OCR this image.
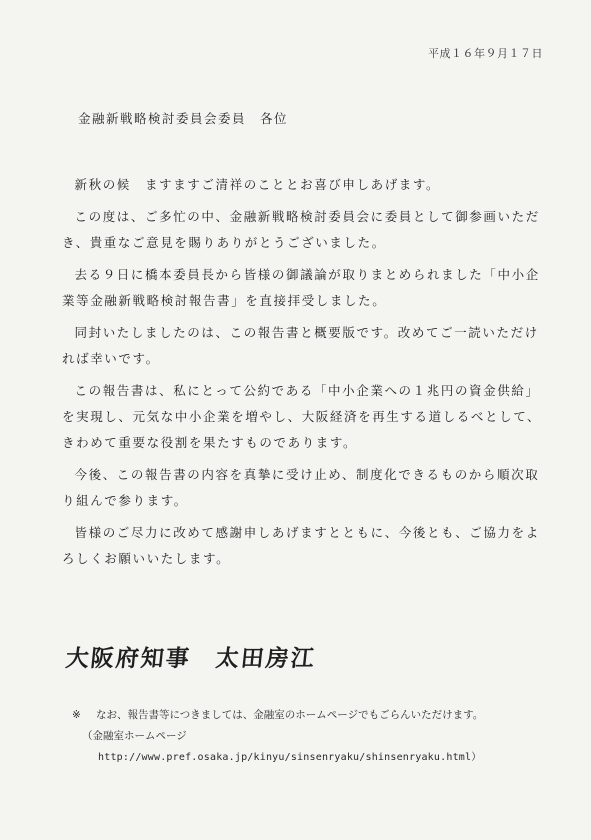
平成１６年９月１７日
金融新戦略検討委員会委員　各位

新秋の候　ますますご清祥のこととお喜び申しあげます。

この度は、ご多忙の中、金融新戦略検討委員会に委員として御参画いただき、貴重なご意見を賜りありがとうございました。

去る９日に橋本委員長から皆様の御議論が取りまとめられました「中小企業等金融新戦略検討報告書」を直接拝受しました。

同封いたしましたのは、この報告書と概要版です。改めてご一読いただければ幸いです。

この報告書は、私にとって公約である「中小企業への１兆円の資金供給」を実現し、元気な中小企業を増やし、大阪経済を再生する道しるべとして、きわめて重要な役割を果たすものであります。

今後、この報告書の内容を真摯に受け止め、制度化できるものから順次取り組んで参ります。

皆様のご尽力に改めて感謝申しあげますとともに、今後とも、ご協力をよろしくお願いいたします。

大阪府知事　太田房江
※ なお、報告書等につきましては、金融室のホームページでもごらんいただけます。
（金融室ホームページ
http://www.pref.osaka.jp/kinyu/sinsenryaku/shinsenryaku.html）
